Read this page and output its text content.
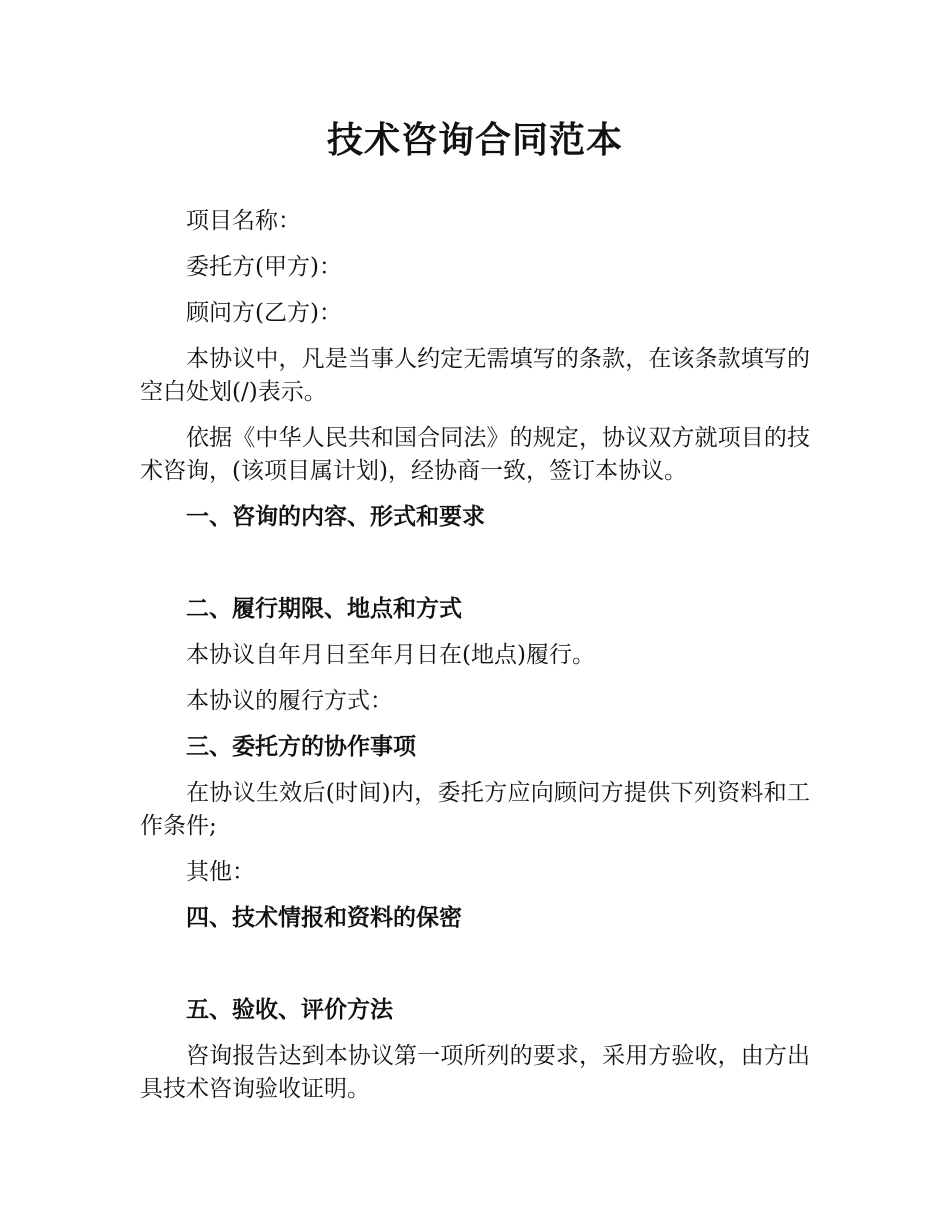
技术咨询合同范本

项目名称：

委托方(甲方)：

顾问方(乙方)：

本协议中，凡是当事人约定无需填写的条款，在该条款填写的空白处划(/)表示。

依据《中华人民共和国合同法》的规定，协议双方就项目的技术咨询，(该项目属计划)，经协商一致，签订本协议。

一、咨询的内容、形式和要求

二、履行期限、地点和方式

本协议自年月日至年月日在(地点)履行。

本协议的履行方式：

三、委托方的协作事项

在协议生效后(时间)内，委托方应向顾问方提供下列资料和工作条件;

其他：

四、技术情报和资料的保密

五、验收、评价方法

咨询报告达到本协议第一项所列的要求，采用方验收，由方出具技术咨询验收证明。
